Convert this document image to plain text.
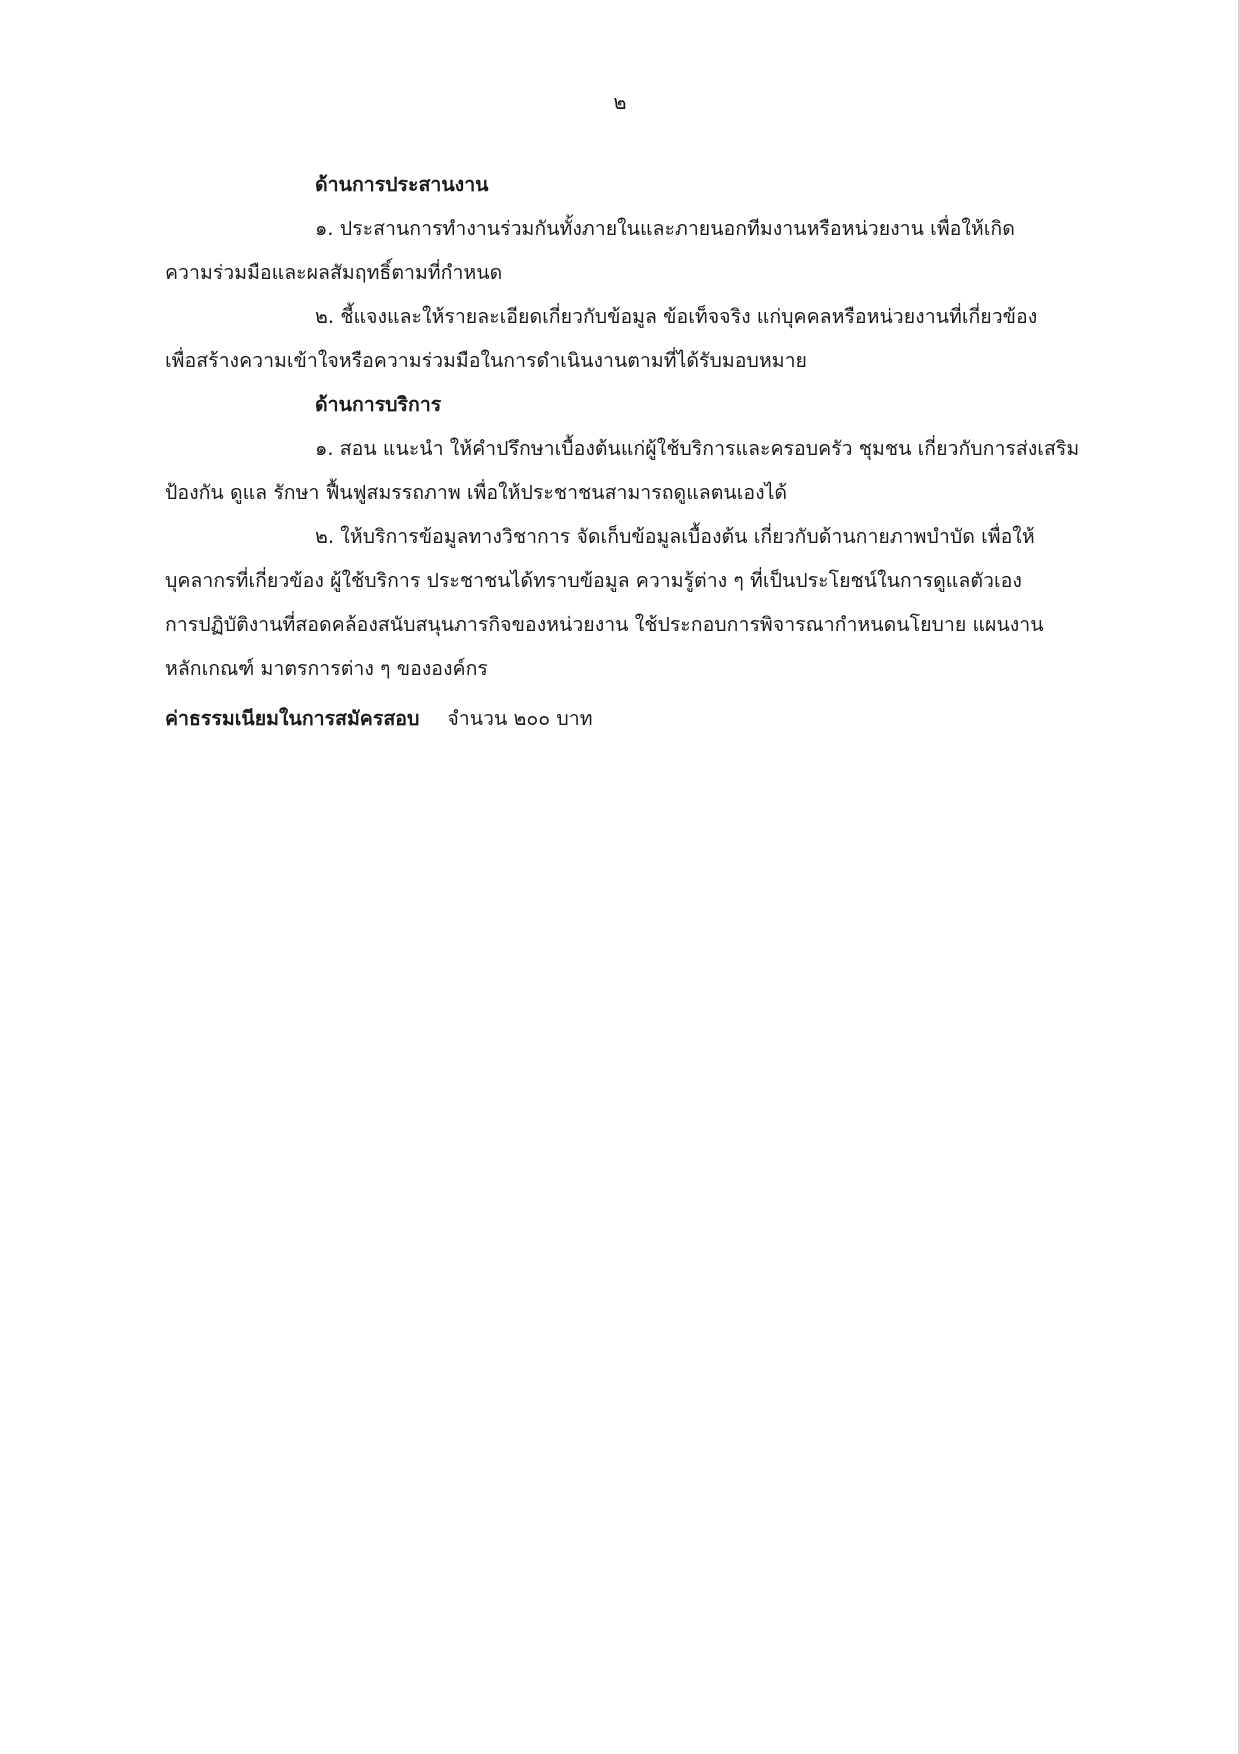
๒
ด้านการประสานงาน
๑. ประสานการทำงานร่วมกันทั้งภายในและภายนอกทีมงานหรือหน่วยงาน เพื่อให้เกิด
ความร่วมมือและผลสัมฤทธิ์ตามที่กำหนด
๒. ชี้แจงและให้รายละเอียดเกี่ยวกับข้อมูล ข้อเท็จจริง แก่บุคคลหรือหน่วยงานที่เกี่ยวข้อง
เพื่อสร้างความเข้าใจหรือความร่วมมือในการดำเนินงานตามที่ได้รับมอบหมาย
ด้านการบริการ
๑. สอน แนะนำ ให้คำปรึกษาเบื้องต้นแก่ผู้ใช้บริการและครอบครัว ชุมชน เกี่ยวกับการส่งเสริม
ป้องกัน ดูแล รักษา ฟื้นฟูสมรรถภาพ เพื่อให้ประชาชนสามารถดูแลตนเองได้
๒. ให้บริการข้อมูลทางวิชาการ จัดเก็บข้อมูลเบื้องต้น เกี่ยวกับด้านกายภาพบำบัด เพื่อให้
บุคลากรที่เกี่ยวข้อง ผู้ใช้บริการ ประชาชนได้ทราบข้อมูล ความรู้ต่าง ๆ ที่เป็นประโยชน์ในการดูแลตัวเอง
การปฏิบัติงานที่สอดคล้องสนับสนุนภารกิจของหน่วยงาน ใช้ประกอบการพิจารณากำหนดนโยบาย แผนงาน
หลักเกณฑ์ มาตรการต่าง ๆ ขององค์กร
ค่าธรรมเนียมในการสมัครสอบ จำนวน ๒๐๐ บาท
